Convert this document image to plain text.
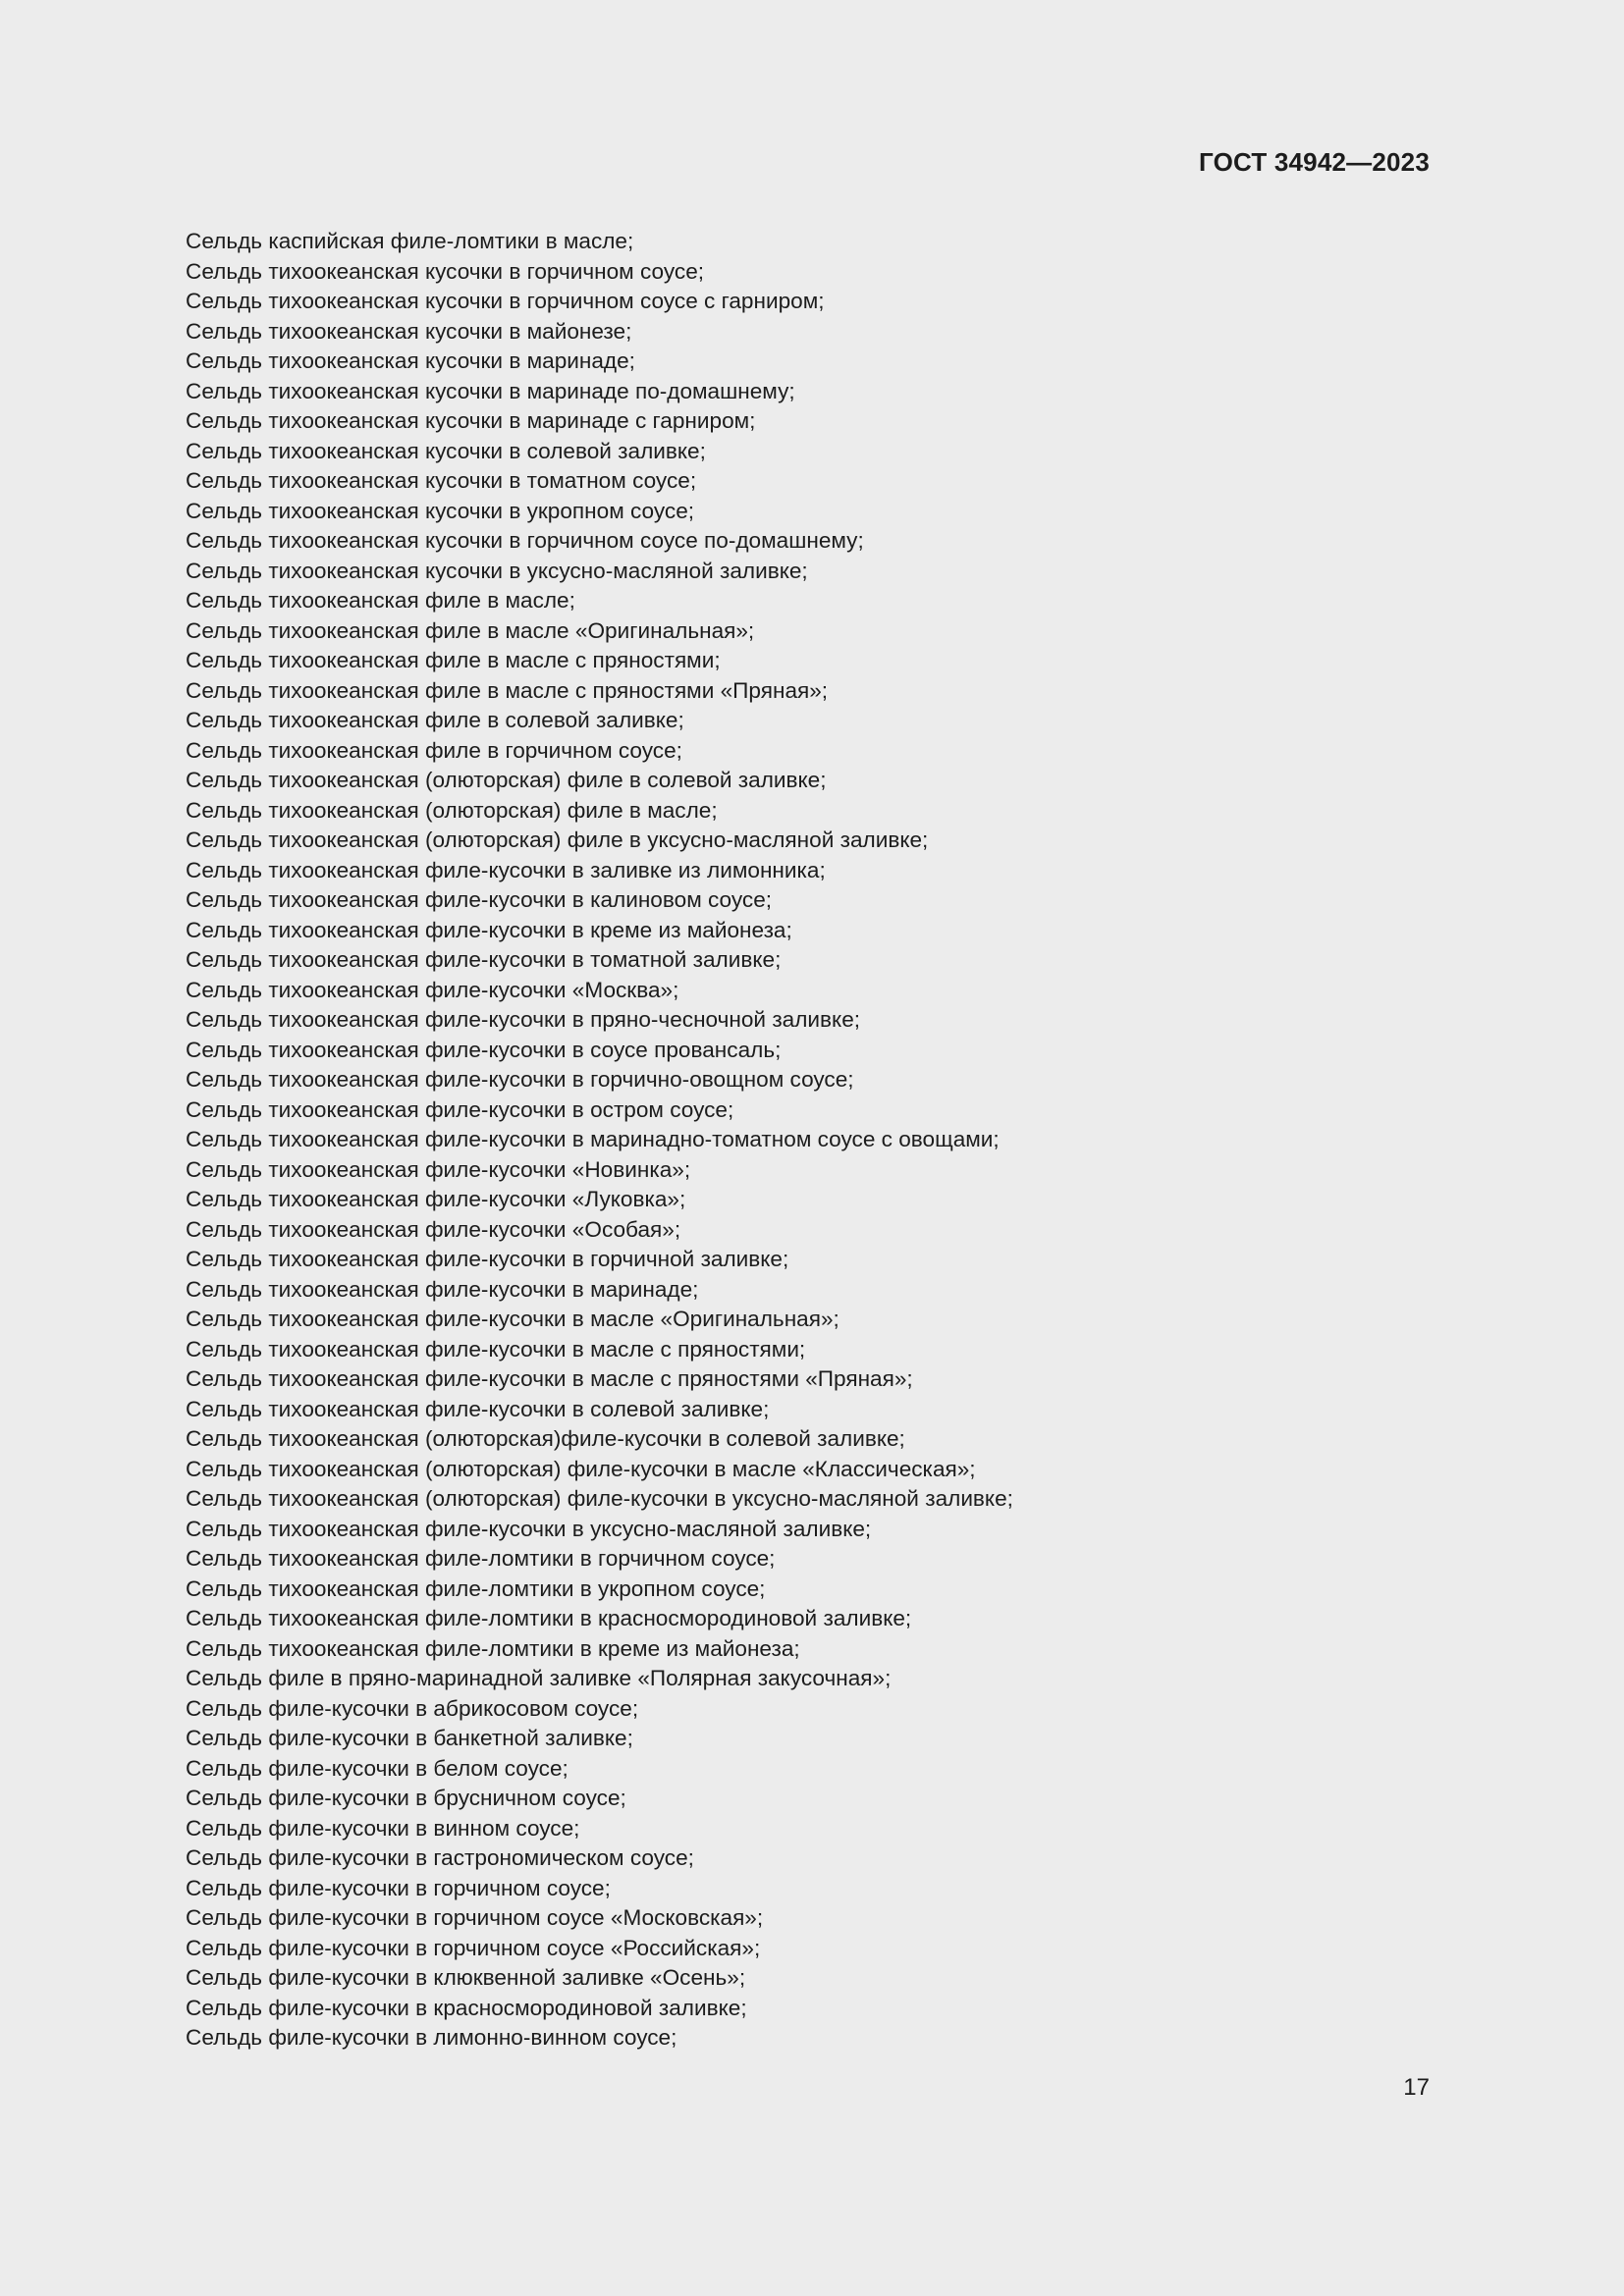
ГОСТ 34942—2023
Сельдь каспийская филе-ломтики в масле;
Сельдь тихоокеанская кусочки в горчичном соусе;
Сельдь тихоокеанская кусочки в горчичном соусе с гарниром;
Сельдь тихоокеанская кусочки в майонезе;
Сельдь тихоокеанская кусочки в маринаде;
Сельдь тихоокеанская кусочки в маринаде по-домашнему;
Сельдь тихоокеанская кусочки в маринаде с гарниром;
Сельдь тихоокеанская кусочки в солевой заливке;
Сельдь тихоокеанская кусочки в томатном соусе;
Сельдь тихоокеанская кусочки в укропном соусе;
Сельдь тихоокеанская кусочки в горчичном соусе по-домашнему;
Сельдь тихоокеанская кусочки в уксусно-масляной заливке;
Сельдь тихоокеанская филе в масле;
Сельдь тихоокеанская филе в масле «Оригинальная»;
Сельдь тихоокеанская филе в масле с пряностями;
Сельдь тихоокеанская филе в масле с пряностями «Пряная»;
Сельдь тихоокеанская филе в солевой заливке;
Сельдь тихоокеанская филе в горчичном соусе;
Сельдь тихоокеанская (олюторская) филе в солевой заливке;
Сельдь тихоокеанская (олюторская) филе в масле;
Сельдь тихоокеанская (олюторская) филе в уксусно-масляной заливке;
Сельдь тихоокеанская филе-кусочки в заливке из лимонника;
Сельдь тихоокеанская филе-кусочки в калиновом соусе;
Сельдь тихоокеанская филе-кусочки в креме из майонеза;
Сельдь тихоокеанская филе-кусочки в томатной заливке;
Сельдь тихоокеанская филе-кусочки «Москва»;
Сельдь тихоокеанская филе-кусочки в пряно-чесночной заливке;
Сельдь тихоокеанская филе-кусочки в соусе провансаль;
Сельдь тихоокеанская филе-кусочки в горчично-овощном соусе;
Сельдь тихоокеанская филе-кусочки в остром соусе;
Сельдь тихоокеанская филе-кусочки в маринадно-томатном соусе с овощами;
Сельдь тихоокеанская филе-кусочки «Новинка»;
Сельдь тихоокеанская филе-кусочки «Луковка»;
Сельдь тихоокеанская филе-кусочки «Особая»;
Сельдь тихоокеанская филе-кусочки в горчичной заливке;
Сельдь тихоокеанская филе-кусочки в маринаде;
Сельдь тихоокеанская филе-кусочки в масле «Оригинальная»;
Сельдь тихоокеанская филе-кусочки в масле с пряностями;
Сельдь тихоокеанская филе-кусочки в масле с пряностями «Пряная»;
Сельдь тихоокеанская филе-кусочки в солевой заливке;
Сельдь тихоокеанская (олюторская)филе-кусочки в солевой заливке;
Сельдь тихоокеанская (олюторская) филе-кусочки в масле «Классическая»;
Сельдь тихоокеанская (олюторская) филе-кусочки в уксусно-масляной заливке;
Сельдь тихоокеанская филе-кусочки в уксусно-масляной заливке;
Сельдь тихоокеанская филе-ломтики в горчичном соусе;
Сельдь тихоокеанская филе-ломтики в укропном соусе;
Сельдь тихоокеанская филе-ломтики в красносмородиновой заливке;
Сельдь тихоокеанская филе-ломтики в креме из майонеза;
Сельдь филе в пряно-маринадной заливке «Полярная закусочная»;
Сельдь филе-кусочки в абрикосовом соусе;
Сельдь филе-кусочки в банкетной заливке;
Сельдь филе-кусочки в белом соусе;
Сельдь филе-кусочки в брусничном соусе;
Сельдь филе-кусочки в винном соусе;
Сельдь филе-кусочки в гастрономическом соусе;
Сельдь филе-кусочки в горчичном соусе;
Сельдь филе-кусочки в горчичном соусе «Московская»;
Сельдь филе-кусочки в горчичном соусе «Российская»;
Сельдь филе-кусочки в клюквенной заливке «Осень»;
Сельдь филе-кусочки в красносмородиновой заливке;
Сельдь филе-кусочки в лимонно-винном соусе;
17
